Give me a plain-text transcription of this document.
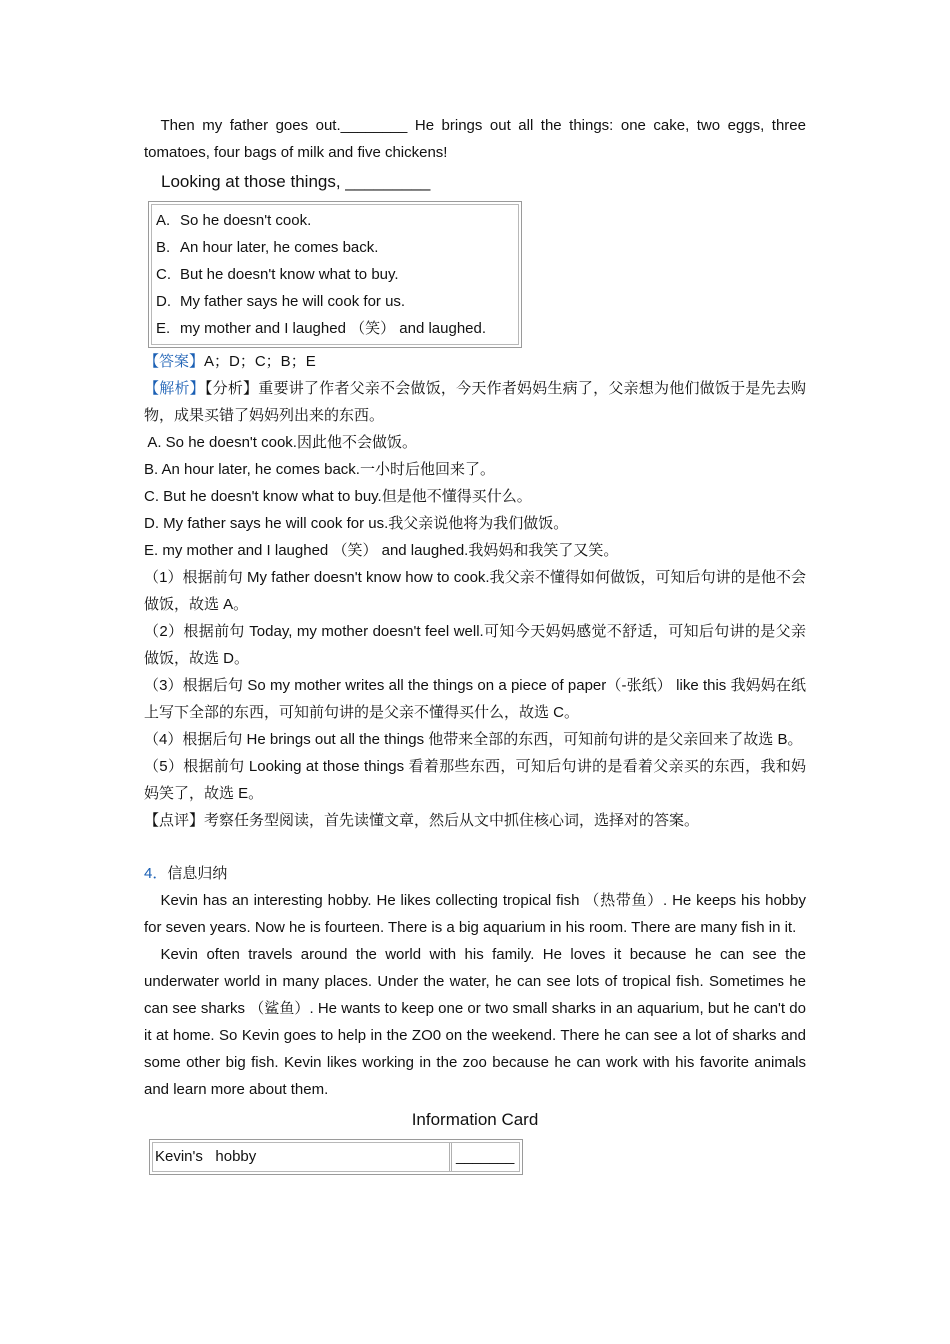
Then my father goes out.________ He brings out all the things: one cake, two eggs, three tomatoes, four bags of milk and five chickens!

Looking at those things, _________

A. So he doesn't cook.
B. An hour later, he comes back.
C. But he doesn't know what to buy.
D. My father says he will cook for us.
E. my mother and I laughed （笑） and laughed.

【答案】A；D；C；B；E

【解析】【分析】重要讲了作者父亲不会做饭，今天作者妈妈生病了，父亲想为他们做饭于是先去购物，成果买错了妈妈列出来的东西。

A. So he doesn't cook.因此他不会做饭。

B. An hour later, he comes back.一小时后他回来了。

C. But he doesn't know what to buy.但是他不懂得买什么。

D. My father says he will cook for us.我父亲说他将为我们做饭。

E. my mother and I laughed （笑） and laughed.我妈妈和我笑了又笑。

（1）根据前句 My father doesn't know how to cook.我父亲不懂得如何做饭，可知后句讲的是他不会做饭，故选 A。

（2）根据前句 Today, my mother doesn't feel well.可知今天妈妈感觉不舒适，可知后句讲的是父亲做饭，故选 D。

（3）根据后句 So my mother writes all the things on a piece of paper（-张纸） like this 我妈妈在纸上写下全部的东西，可知前句讲的是父亲不懂得买什么，故选 C。

（4）根据后句 He brings out all the things 他带来全部的东西，可知前句讲的是父亲回来了故选 B。

（5）根据前句 Looking at those things 看着那些东西，可知后句讲的是看着父亲买的东西，我和妈妈笑了，故选 E。

【点评】考察任务型阅读，首先读懂文章，然后从文中抓住核心词，选择对的答案。

4．信息归纳

Kevin has an interesting hobby. He likes collecting tropical fish （热带鱼）. He keeps his hobby for seven years. Now he is fourteen. There is a big aquarium in his room. There are many fish in it.

Kevin often travels around the world with his family. He loves it because he can see the underwater world in many places. Under the water, he can see lots of tropical fish. Sometimes he can see sharks （鲨鱼）. He wants to keep one or two small sharks in an aquarium, but he can't do it at home. So Kevin goes to help in the ZO0 on the weekend. There he can see a lot of sharks and some other big fish. Kevin likes working in the zoo because he can work with his favorite animals and learn more about them.

Information Card
Kevin's   hobby	_______
